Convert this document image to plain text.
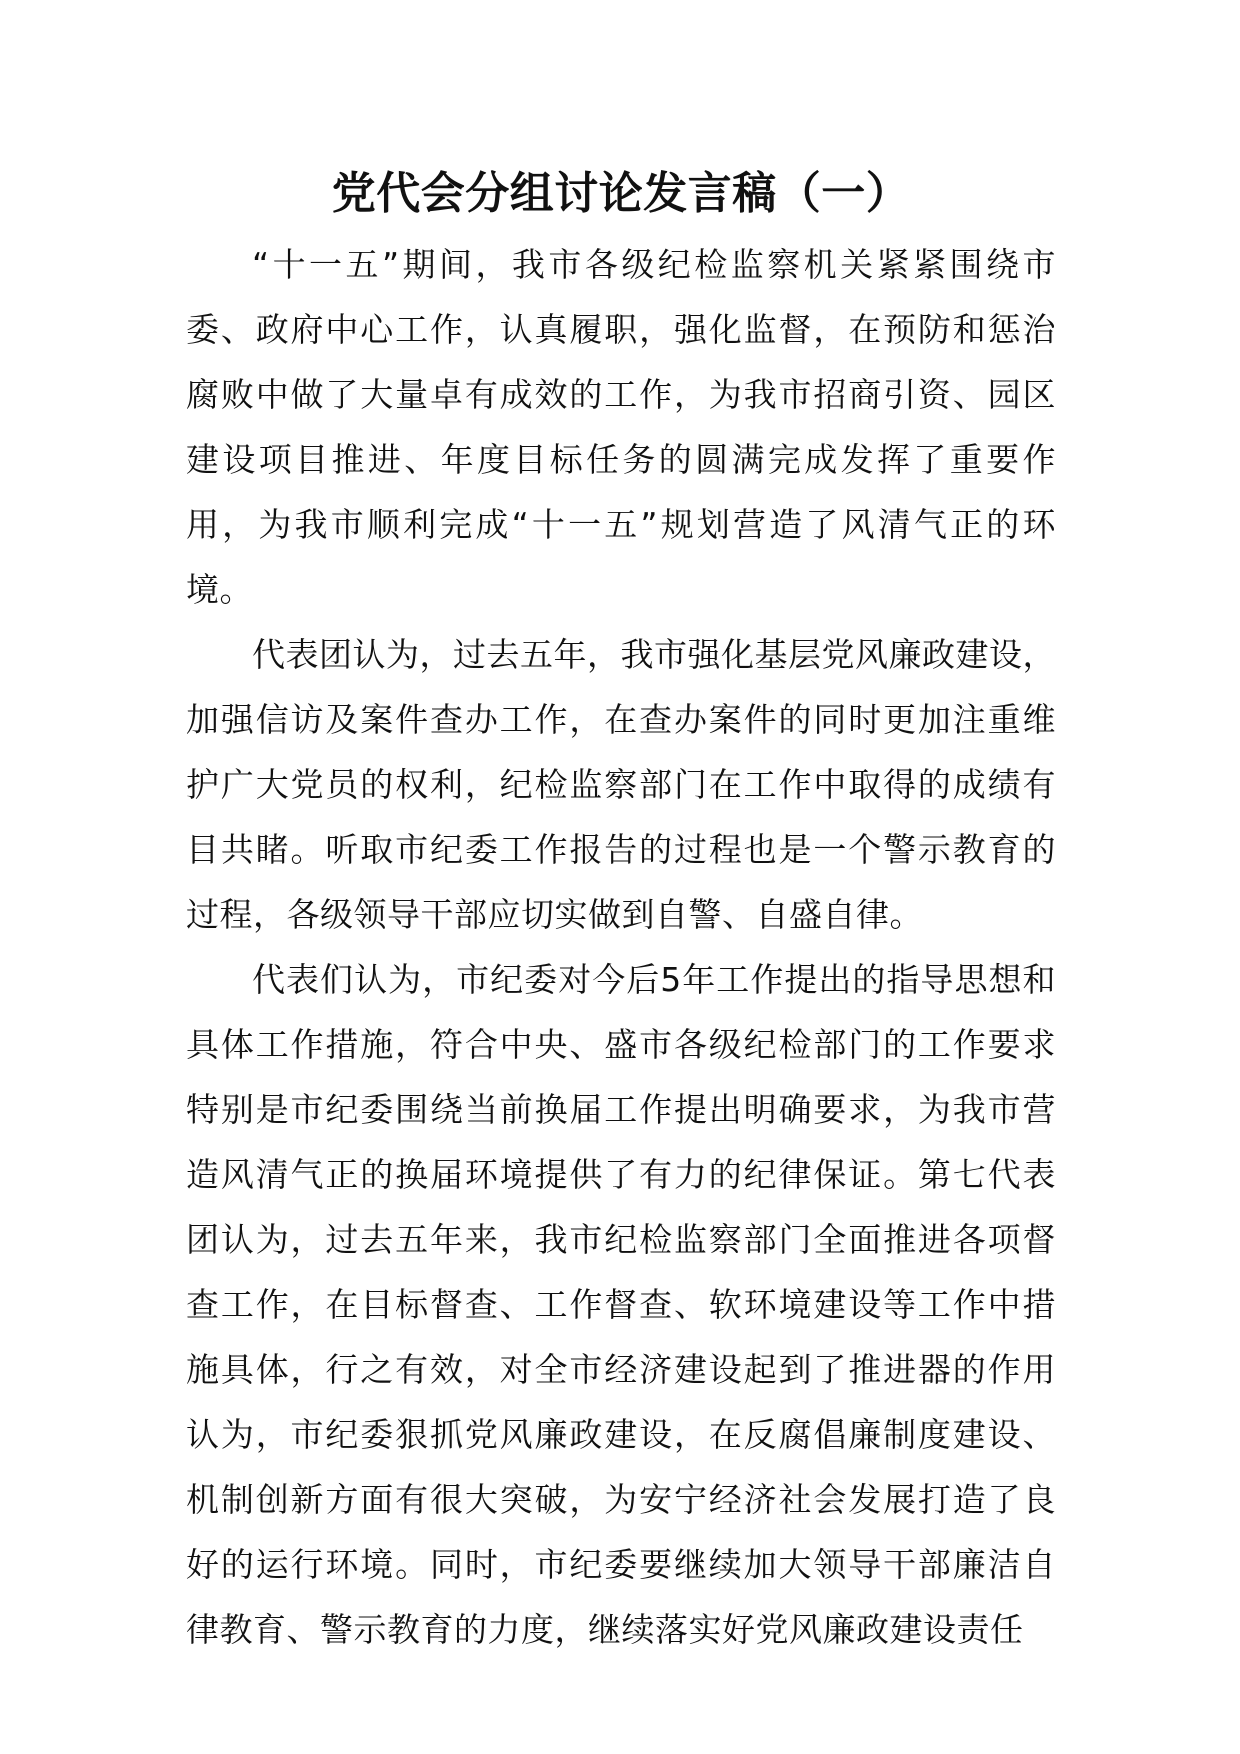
党代会分组讨论发言稿（一）

“十一五”期间，我市各级纪检监察机关紧紧围绕市委、政府中心工作，认真履职，强化监督，在预防和惩治腐败中做了大量卓有成效的工作，为我市招商引资、园区建设项目推进、年度目标任务的圆满完成发挥了重要作用，为我市顺利完成“十一五”规划营造了风清气正的环境。

代表团认为，过去五年，我市强化基层党风廉政建设，加强信访及案件查办工作，在查办案件的同时更加注重维护广大党员的权利，纪检监察部门在工作中取得的成绩有目共睹。听取市纪委工作报告的过程也是一个警示教育的过程，各级领导干部应切实做到自警、自盛自律。

代表们认为，市纪委对今后5年工作提出的指导思想和具体工作措施，符合中央、盛市各级纪检部门的工作要求特别是市纪委围绕当前换届工作提出明确要求，为我市营造风清气正的换届环境提供了有力的纪律保证。第七代表团认为，过去五年来，我市纪检监察部门全面推进各项督查工作，在目标督查、工作督查、软环境建设等工作中措施具体，行之有效，对全市经济建设起到了推进器的作用认为，市纪委狠抓党风廉政建设，在反腐倡廉制度建设、机制创新方面有很大突破，为安宁经济社会发展打造了良好的运行环境。同时，市纪委要继续加大领导干部廉洁自律教育、警示教育的力度，继续落实好党风廉政建设责任
